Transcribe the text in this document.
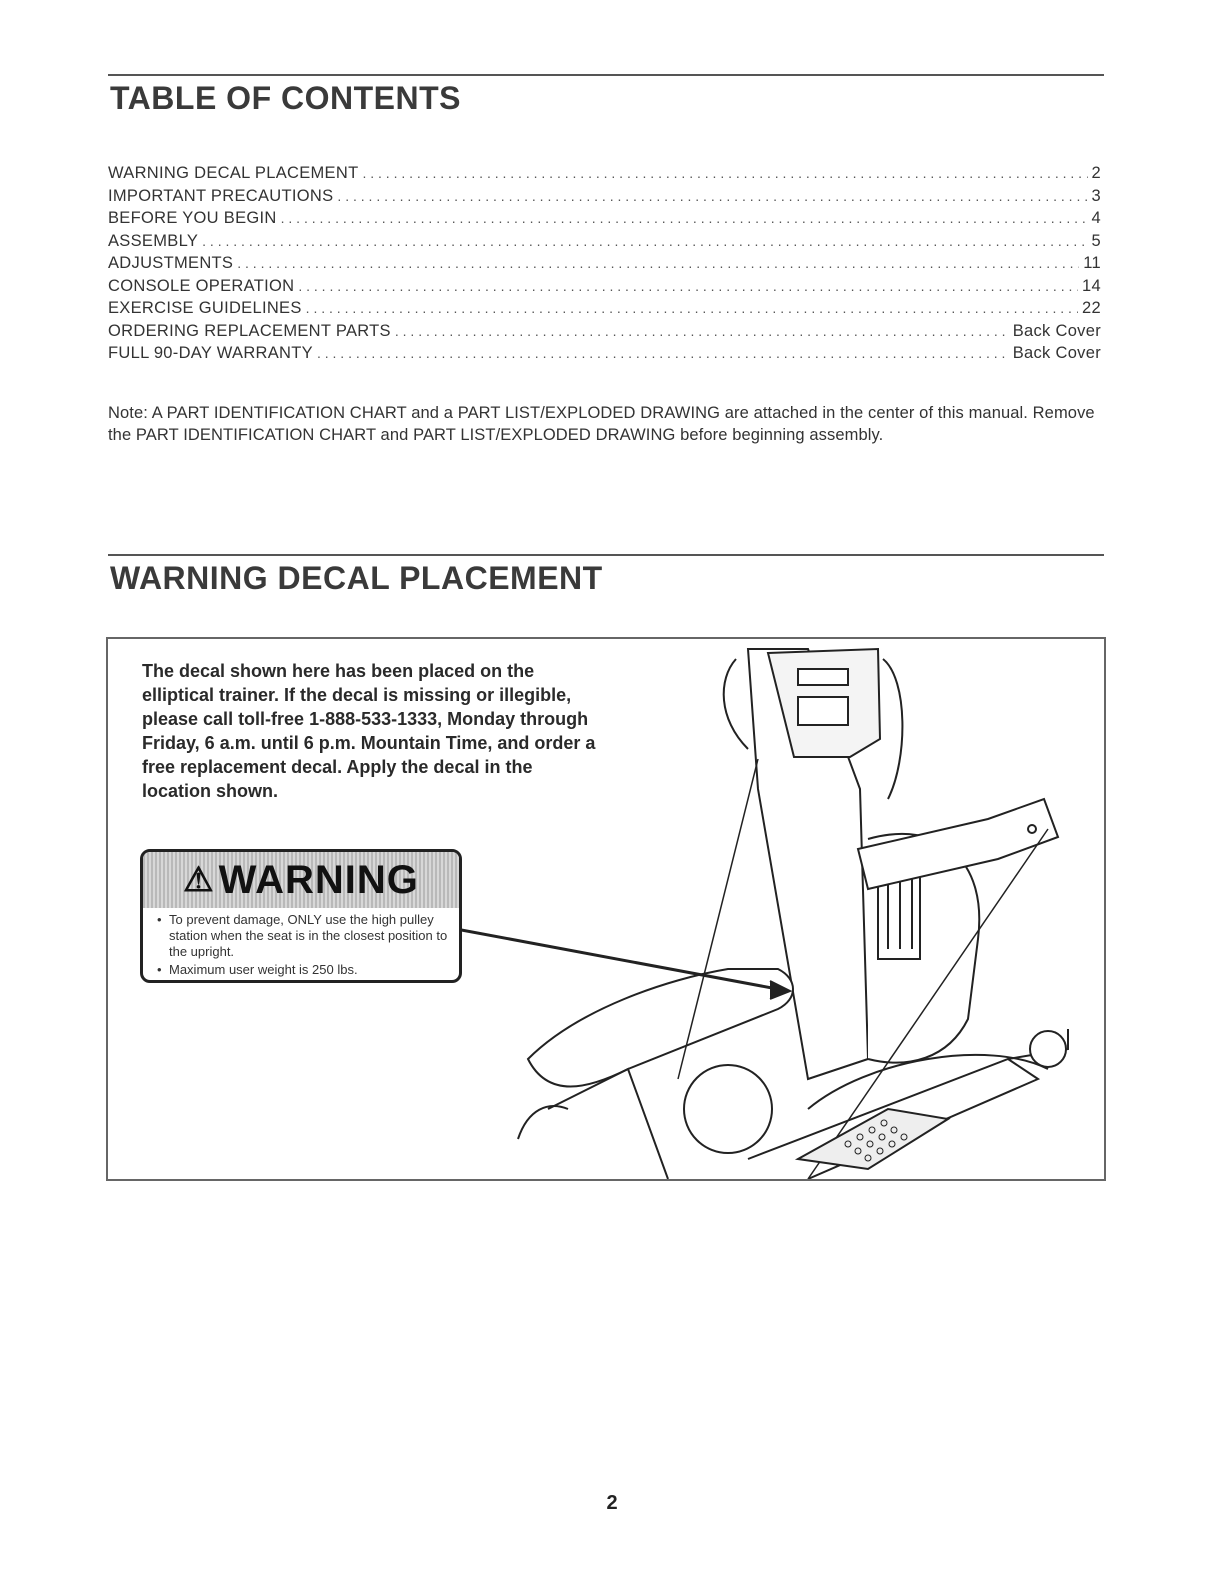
TABLE OF CONTENTS
WARNING DECAL PLACEMENT . . .	2
IMPORTANT PRECAUTIONS . . .	3
BEFORE YOU BEGIN . . .	4
ASSEMBLY . . .	5
ADJUSTMENTS . . .	11
CONSOLE OPERATION . . .	14
EXERCISE GUIDELINES . . .	22
ORDERING REPLACEMENT PARTS . . .	Back Cover
FULL 90-DAY WARRANTY . . .	Back Cover

Note: A PART IDENTIFICATION CHART and a PART LIST/EXPLODED DRAWING are attached in the center of this manual. Remove the PART IDENTIFICATION CHART and PART LIST/EXPLODED DRAWING before beginning assembly.

WARNING DECAL PLACEMENT

The decal shown here has been placed on the elliptical trainer. If the decal is missing or illegible, please call toll-free 1-888-533-1333, Monday through Friday, 6 a.m. until 6 p.m. Mountain Time, and order a free replacement decal. Apply the decal in the location shown.

⚠ WARNING
• To prevent damage, ONLY use the high pulley station when the seat is in the closest position to the upright.
• Maximum user weight is 250 lbs.
2
